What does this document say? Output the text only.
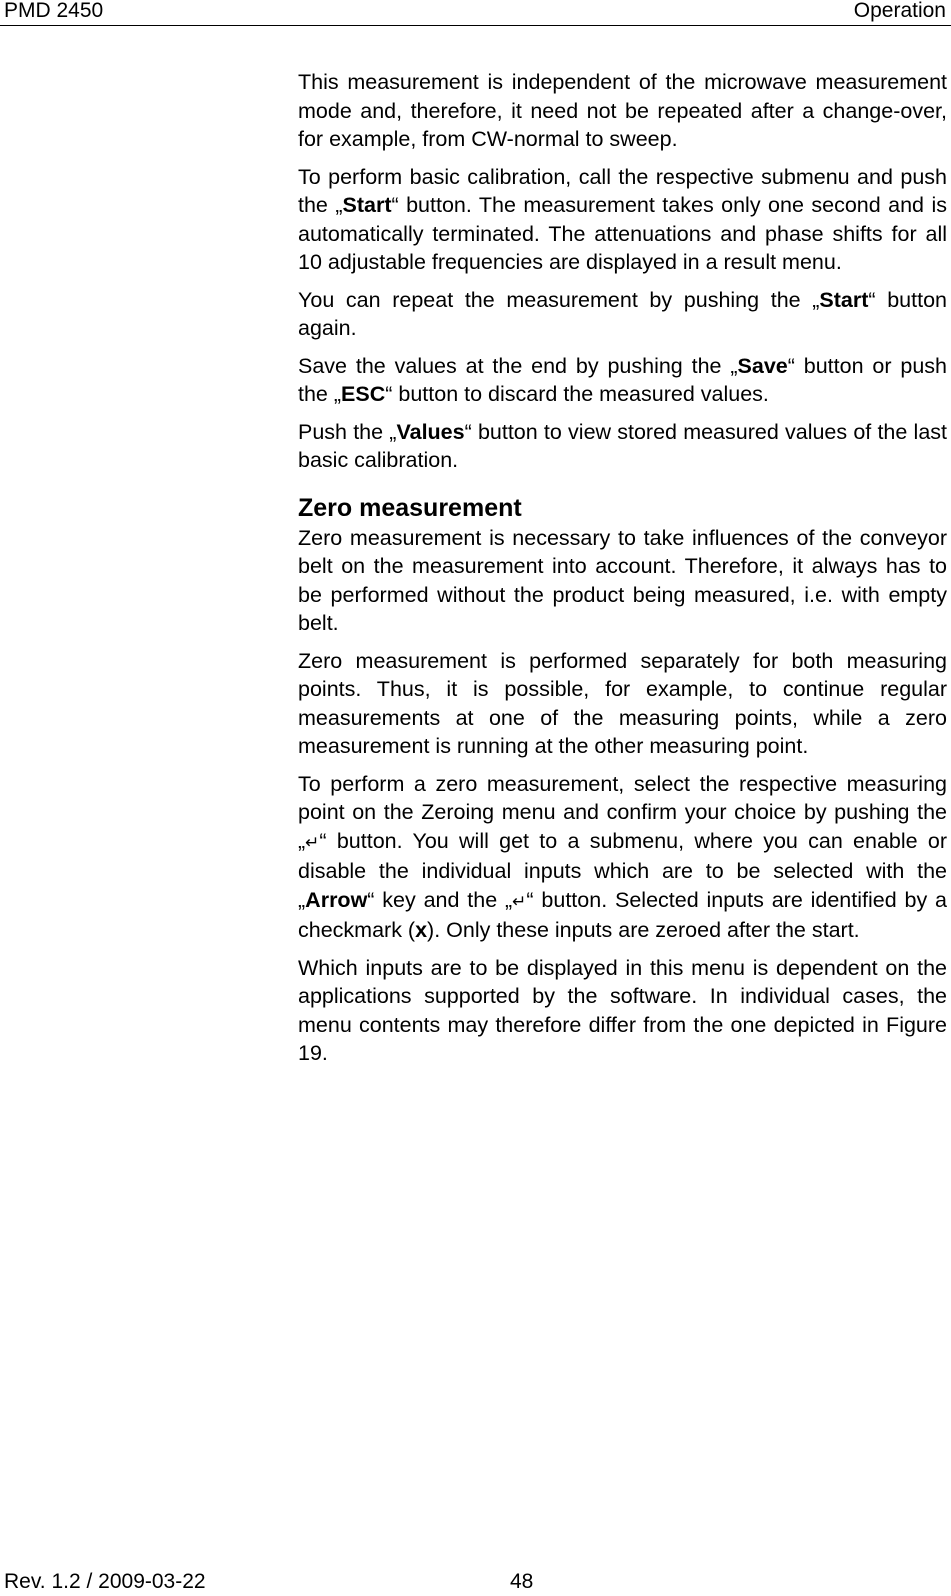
PMD 2450	Operation

This measurement is independent of the microwave measurement mode and, therefore, it need not be repeated after a change-over, for example, from CW-normal to sweep.

To perform basic calibration, call the respective submenu and push the „Start“ button. The measurement takes only one second and is automatically terminated. The attenuations and phase shifts for all 10 adjustable frequencies are displayed in a result menu.

You can repeat the measurement by pushing the „Start“ button again.

Save the values at the end by pushing the „Save“ button or push the „ESC“ button to discard the measured values.

Push the „Values“ button to view stored measured values of the last basic calibration.

Zero measurement

Zero measurement is necessary to take influences of the conveyor belt on the measurement into account. Therefore, it always has to be performed without the product being measured, i.e. with empty belt.

Zero measurement is performed separately for both measuring points. Thus, it is possible, for example, to continue regular measurements at one of the measuring points, while a zero measurement is running at the other measuring point.

To perform a zero measurement, select the respective measuring point on the Zeroing menu and confirm your choice by pushing the „↵“ button. You will get to a submenu, where you can enable or disable the individual inputs which are to be selected with the „Arrow“ key and the „↵“ button. Selected inputs are identified by a checkmark (x). Only these inputs are zeroed after the start.

Which inputs are to be displayed in this menu is dependent on the applications supported by the software. In individual cases, the menu contents may therefore differ from the one depicted in Figure 19.

Rev. 1.2 / 2009-03-22	48
